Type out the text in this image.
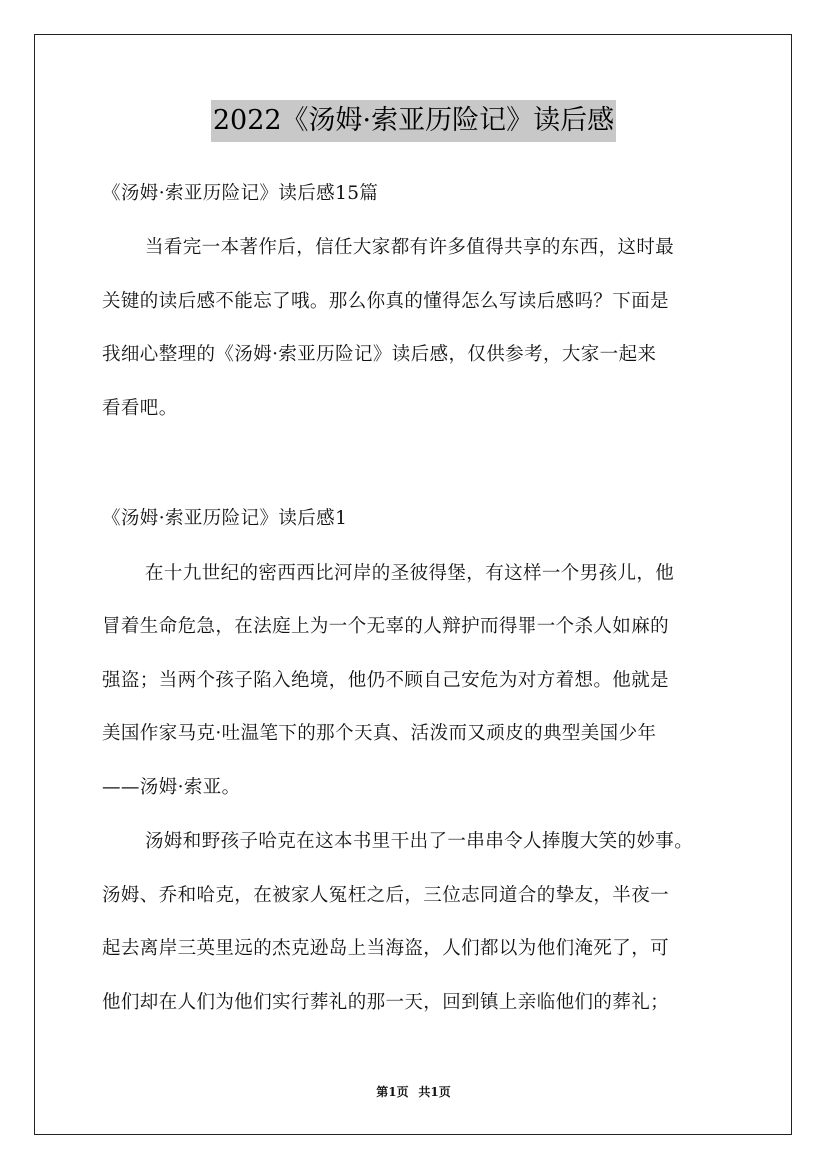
2022《汤姆·索亚历险记》读后感
《汤姆·索亚历险记》读后感15篇
当看完一本著作后，信任大家都有许多值得共享的东西，这时最
关键的读后感不能忘了哦。那么你真的懂得怎么写读后感吗？下面是
我细心整理的《汤姆·索亚历险记》读后感，仅供参考，大家一起来
看看吧。
《汤姆·索亚历险记》读后感1
在十九世纪的密西西比河岸的圣彼得堡，有这样一个男孩儿，他
冒着生命危急，在法庭上为一个无辜的人辩护而得罪一个杀人如麻的
强盗；当两个孩子陷入绝境，他仍不顾自己安危为对方着想。他就是
美国作家马克·吐温笔下的那个天真、活泼而又顽皮的典型美国少年
——汤姆·索亚。
汤姆和野孩子哈克在这本书里干出了一串串令人捧腹大笑的妙事。
汤姆、乔和哈克，在被家人冤枉之后，三位志同道合的挚友，半夜一
起去离岸三英里远的杰克逊岛上当海盗，人们都以为他们淹死了，可
他们却在人们为他们实行葬礼的那一天，回到镇上亲临他们的葬礼；
第1页 共1页
